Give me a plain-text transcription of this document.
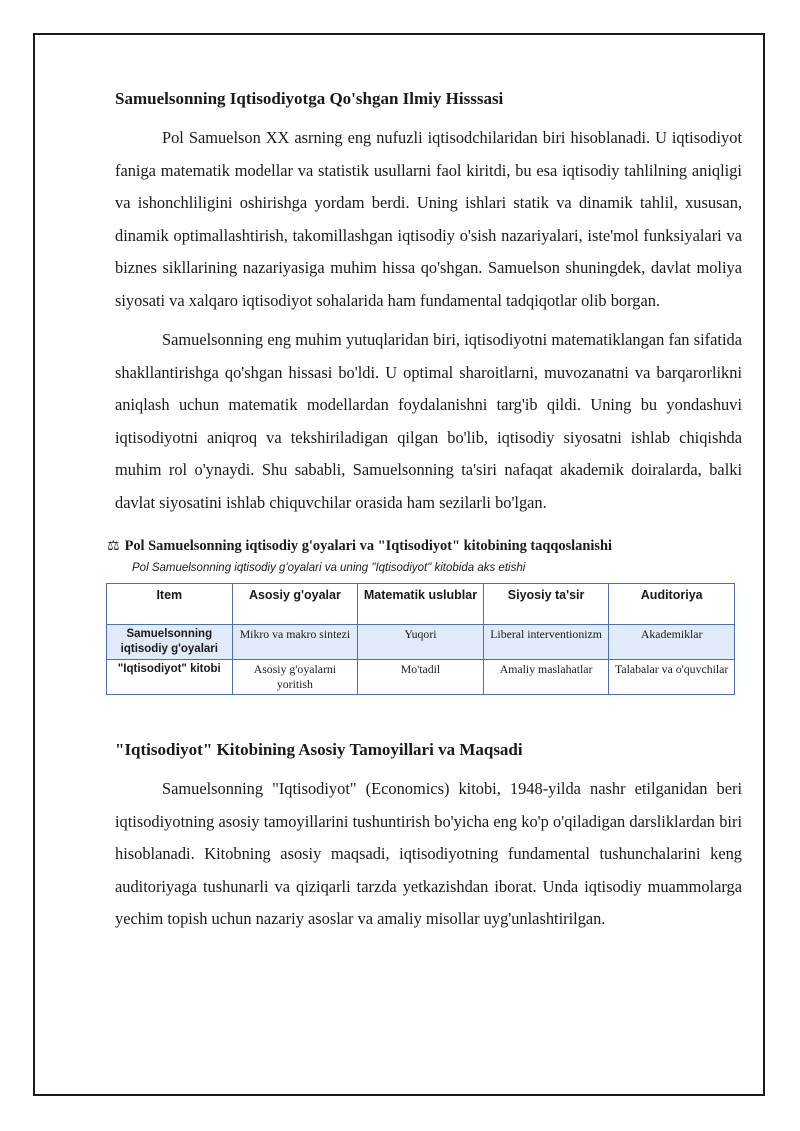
Samuelsonning Iqtisodiyotga Qo'shgan Ilmiy Hisssasi

Pol Samuelson XX asrning eng nufuzli iqtisodchilaridan biri hisoblanadi. U iqtisodiyot faniga matematik modellar va statistik usullarni faol kiritdi, bu esa iqtisodiy tahlilning aniqligi va ishonchliligini oshirishga yordam berdi. Uning ishlari statik va dinamik tahlil, xususan, dinamik optimallashtirish, takomillashgan iqtisodiy o'sish nazariyalari, iste'mol funksiyalari va biznes sikllarining nazariyasiga muhim hissa qo'shgan. Samuelson shuningdek, davlat moliya siyosati va xalqaro iqtisodiyot sohalarida ham fundamental tadqiqotlar olib borgan.

Samuelsonning eng muhim yutuqlaridan biri, iqtisodiyotni matematiklangan fan sifatida shakllantirishga qo'shgan hissasi bo'ldi. U optimal sharoitlarni, muvozanatni va barqarorlikni aniqlash uchun matematik modellardan foydalanishni targ'ib qildi. Uning bu yondashuvi iqtisodiyotni aniqroq va tekshiriladigan qilgan bo'lib, iqtisodiy siyosatni ishlab chiqishda muhim rol o'ynaydi. Shu sababli, Samuelsonning ta'siri nafaqat akademik doiralarda, balki davlat siyosatini ishlab chiquvchilar orasida ham sezilarli bo'lgan.

⚖ Pol Samuelsonning iqtisodiy g'oyalari va "Iqtisodiyot" kitobining taqqoslanishi
Pol Samuelsonning iqtisodiy g'oyalari va uning "Iqtisodiyot" kitobida aks etishi
Item	Asosiy g'oyalar	Matematik uslublar	Siyosiy ta'sir	Auditoriya
Samuelsonning iqtisodiy g'oyalari	Mikro va makro sintezi	Yuqori	Liberal interventionizm	Akademiklar
"Iqtisodiyot" kitobi	Asosiy g'oyalarni yoritish	Mo'tadil	Amaliy maslahatlar	Talabalar va o'quvchilar
"Iqtisodiyot" Kitobining Asosiy Tamoyillari va Maqsadi

Samuelsonning "Iqtisodiyot" (Economics) kitobi, 1948-yilda nashr etilganidan beri iqtisodiyotning asosiy tamoyillarini tushuntirish bo'yicha eng ko'p o'qiladigan darsliklardan biri hisoblanadi. Kitobning asosiy maqsadi, iqtisodiyotning fundamental tushunchalarini keng auditoriyaga tushunarli va qiziqarli tarzda yetkazishdan iborat. Unda iqtisodiy muammolarga yechim topish uchun nazariy asoslar va amaliy misollar uyg'unlashtirilgan.
